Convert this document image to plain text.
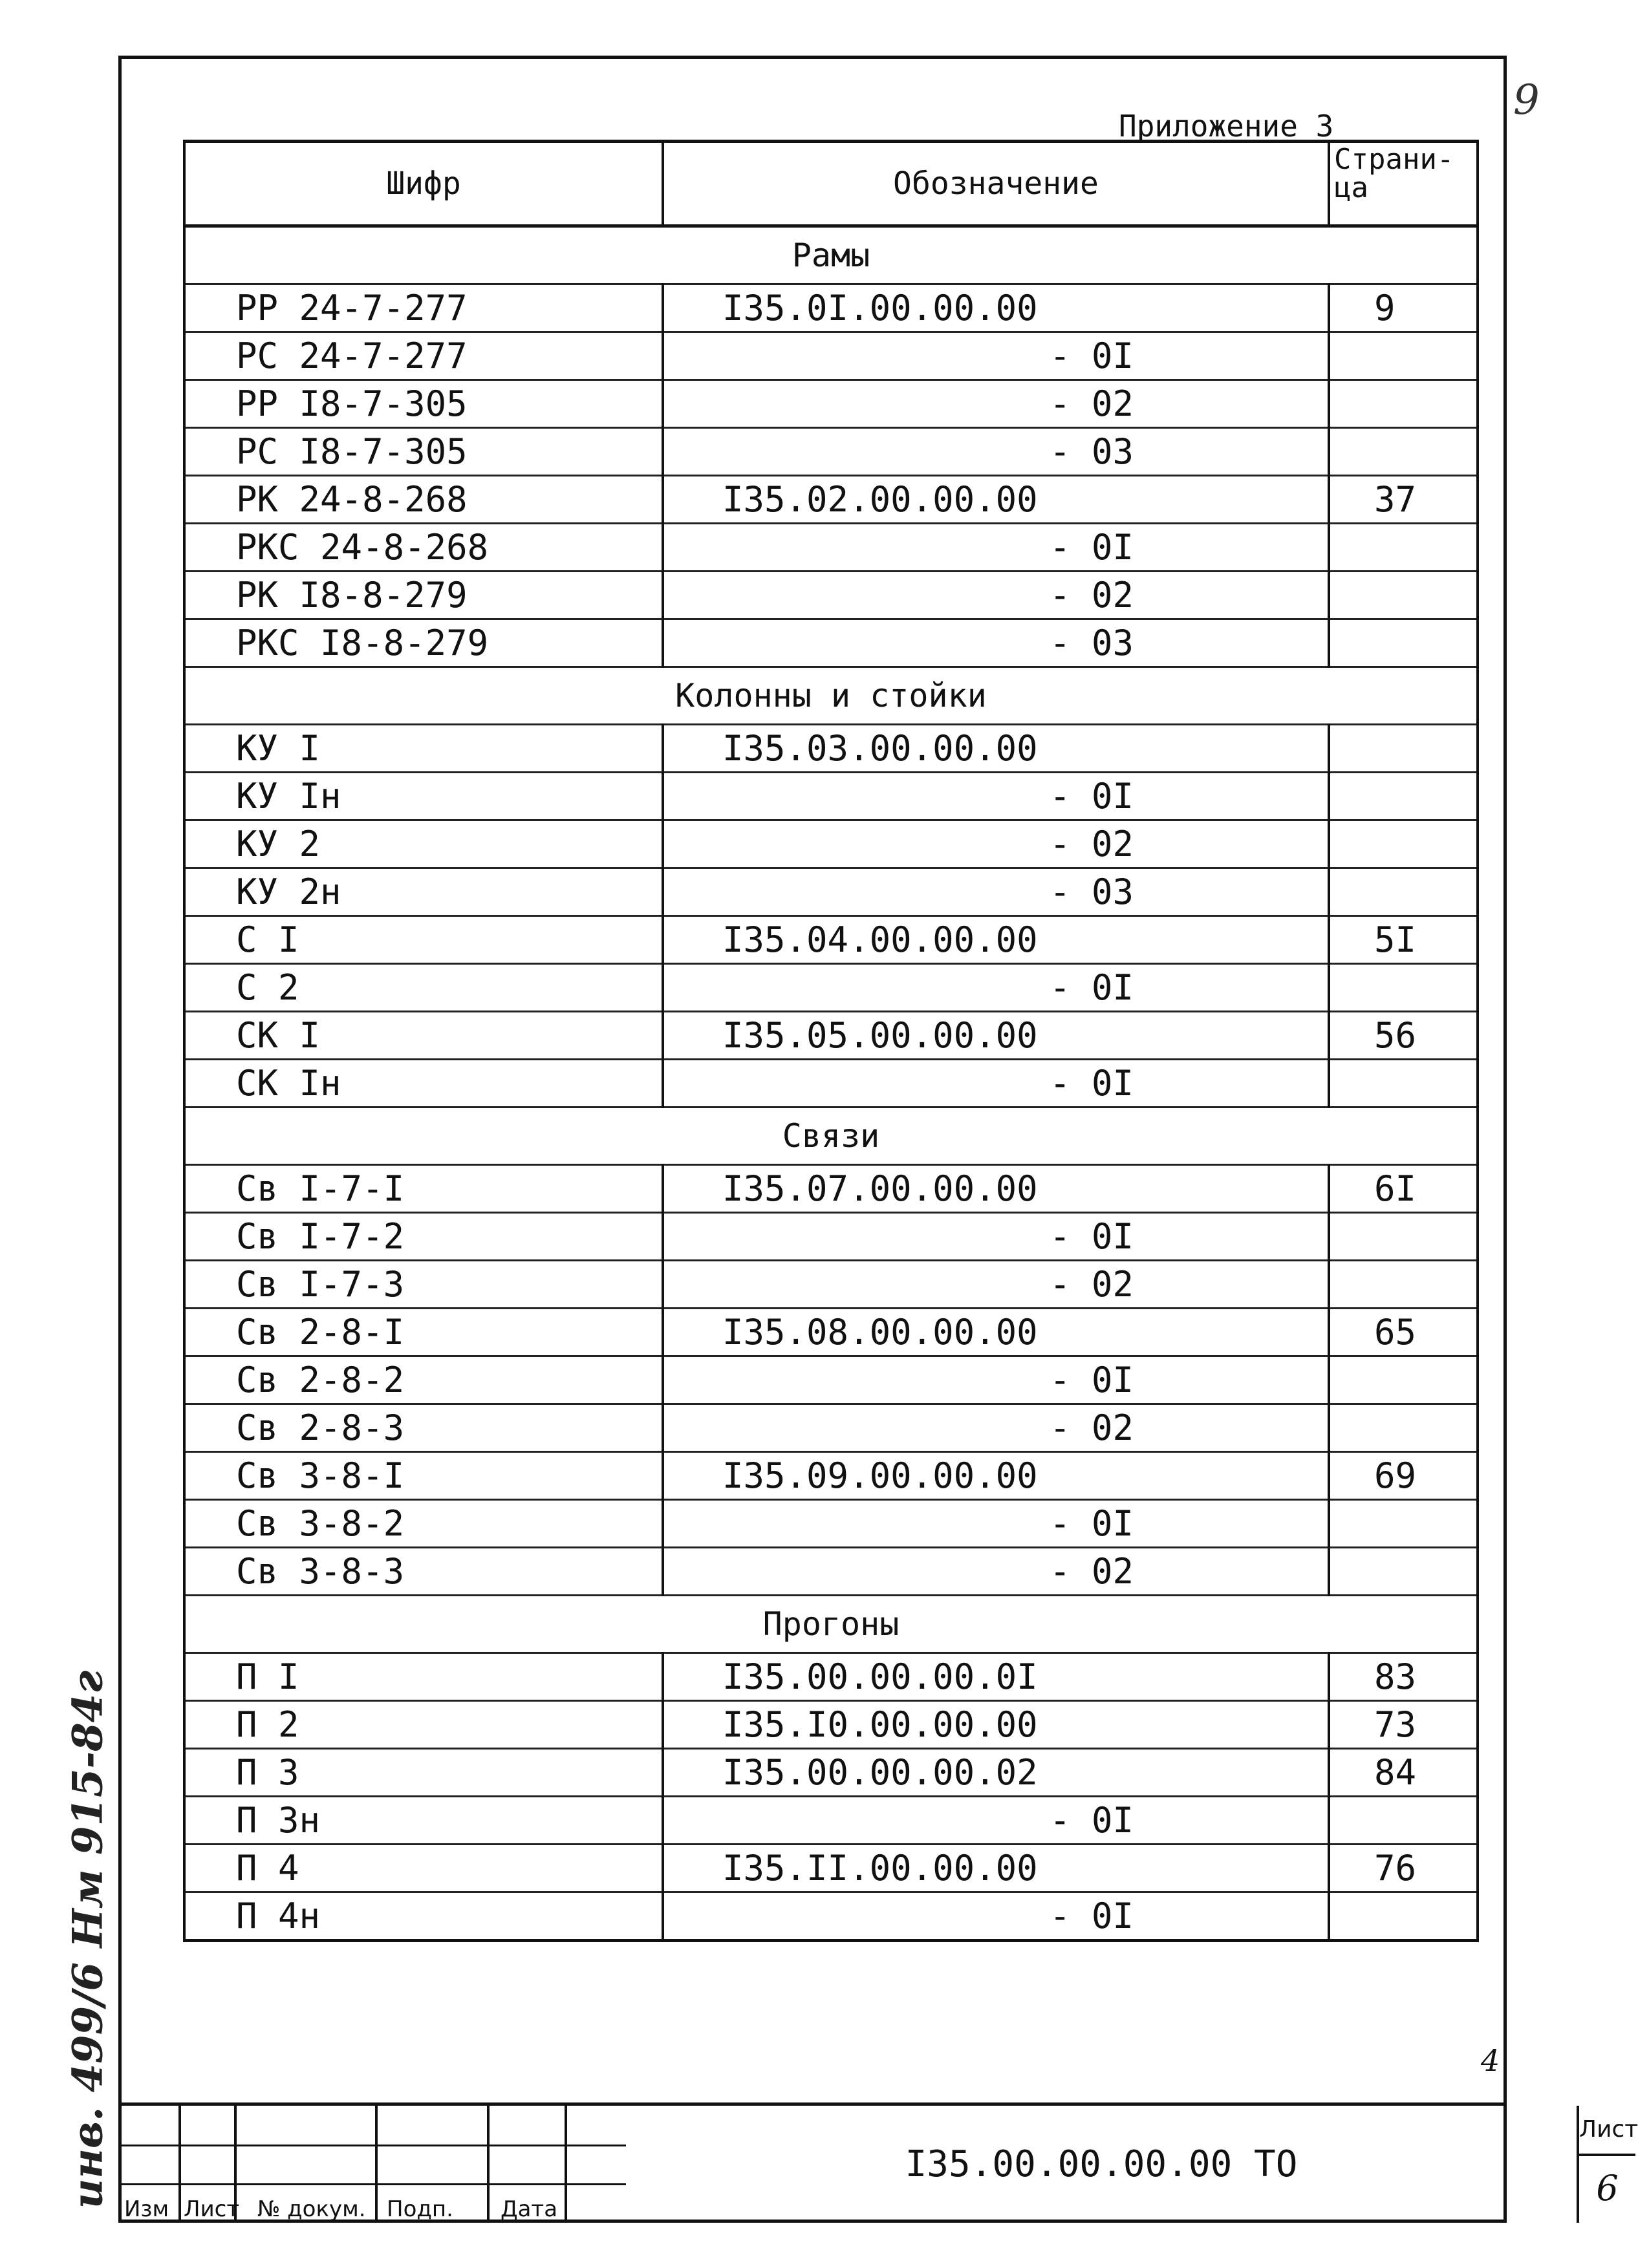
9
Приложение 3
Шифр	Обозначение	Страни-
ца
Рамы		
РР 24-7-277	I35.0I.00.00.00	9
РС 24-7-277	- 0I	
РР I8-7-305	- 02	
РС I8-7-305	- 03	
РК 24-8-268	I35.02.00.00.00	37
РКС 24-8-268	- 0I	
РК I8-8-279	- 02	
РКС I8-8-279	- 03	
Колонны и стойки		
КУ I	I35.03.00.00.00	
КУ Iн	- 0I	
КУ 2	- 02	
КУ 2н	- 03	
С I	I35.04.00.00.00	5I
С 2	- 0I	
СК I	I35.05.00.00.00	56
СК Iн	- 0I	
Связи		
Св I-7-I	I35.07.00.00.00	6I
Св I-7-2	- 0I	
Св I-7-3	- 02	
Св 2-8-I	I35.08.00.00.00	65
Св 2-8-2	- 0I	
Св 2-8-3	- 02	
Св 3-8-I	I35.09.00.00.00	69
Св 3-8-2	- 0I	
Св 3-8-3	- 02	
Прогоны		
П I	I35.00.00.00.0I	83
П 2	I35.I0.00.00.00	73
П 3	I35.00.00.00.02	84
П 3н	- 0I	
П 4	I35.II.00.00.00	76
П 4н	- 0I	
инв. 499/6 Нм 915-84г	4
Изм Лист № докум. Подп. Дата
I35.00.00.00.00 ТО
Лист
6
